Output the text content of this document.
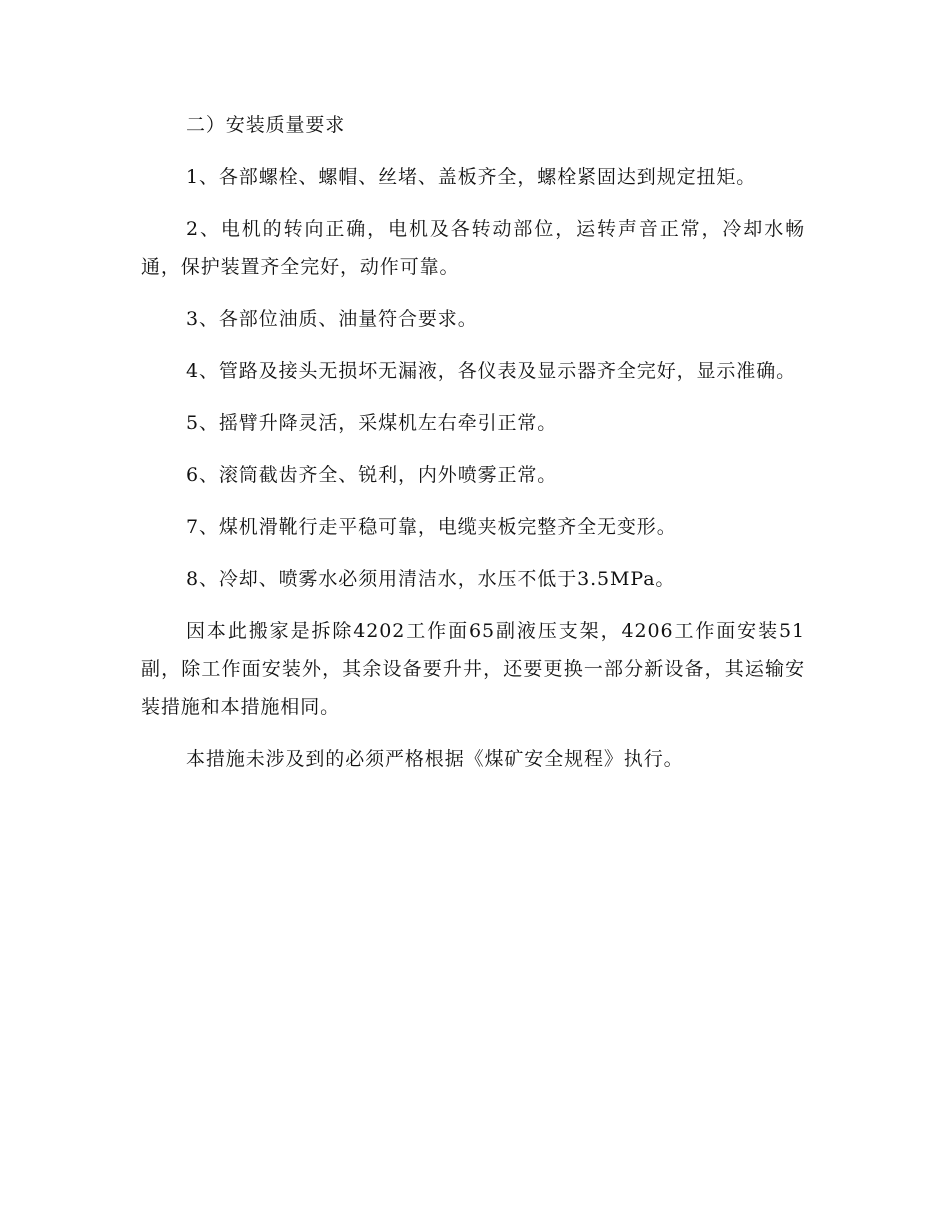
二）安装质量要求

1、各部螺栓、螺帽、丝堵、盖板齐全，螺栓紧固达到规定扭矩。

2、电机的转向正确，电机及各转动部位，运转声音正常，冷却水畅通，保护装置齐全完好，动作可靠。

3、各部位油质、油量符合要求。

4、管路及接头无损坏无漏液，各仪表及显示器齐全完好，显示准确。

5、摇臂升降灵活，采煤机左右牵引正常。

6、滚筒截齿齐全、锐利，内外喷雾正常。

7、煤机滑靴行走平稳可靠，电缆夹板完整齐全无变形。

8、冷却、喷雾水必须用清洁水，水压不低于3.5MPa。

因本此搬家是拆除4202工作面65副液压支架，4206工作面安装51副，除工作面安装外，其余设备要升井，还要更换一部分新设备，其运输安装措施和本措施相同。

本措施未涉及到的必须严格根据《煤矿安全规程》执行。
